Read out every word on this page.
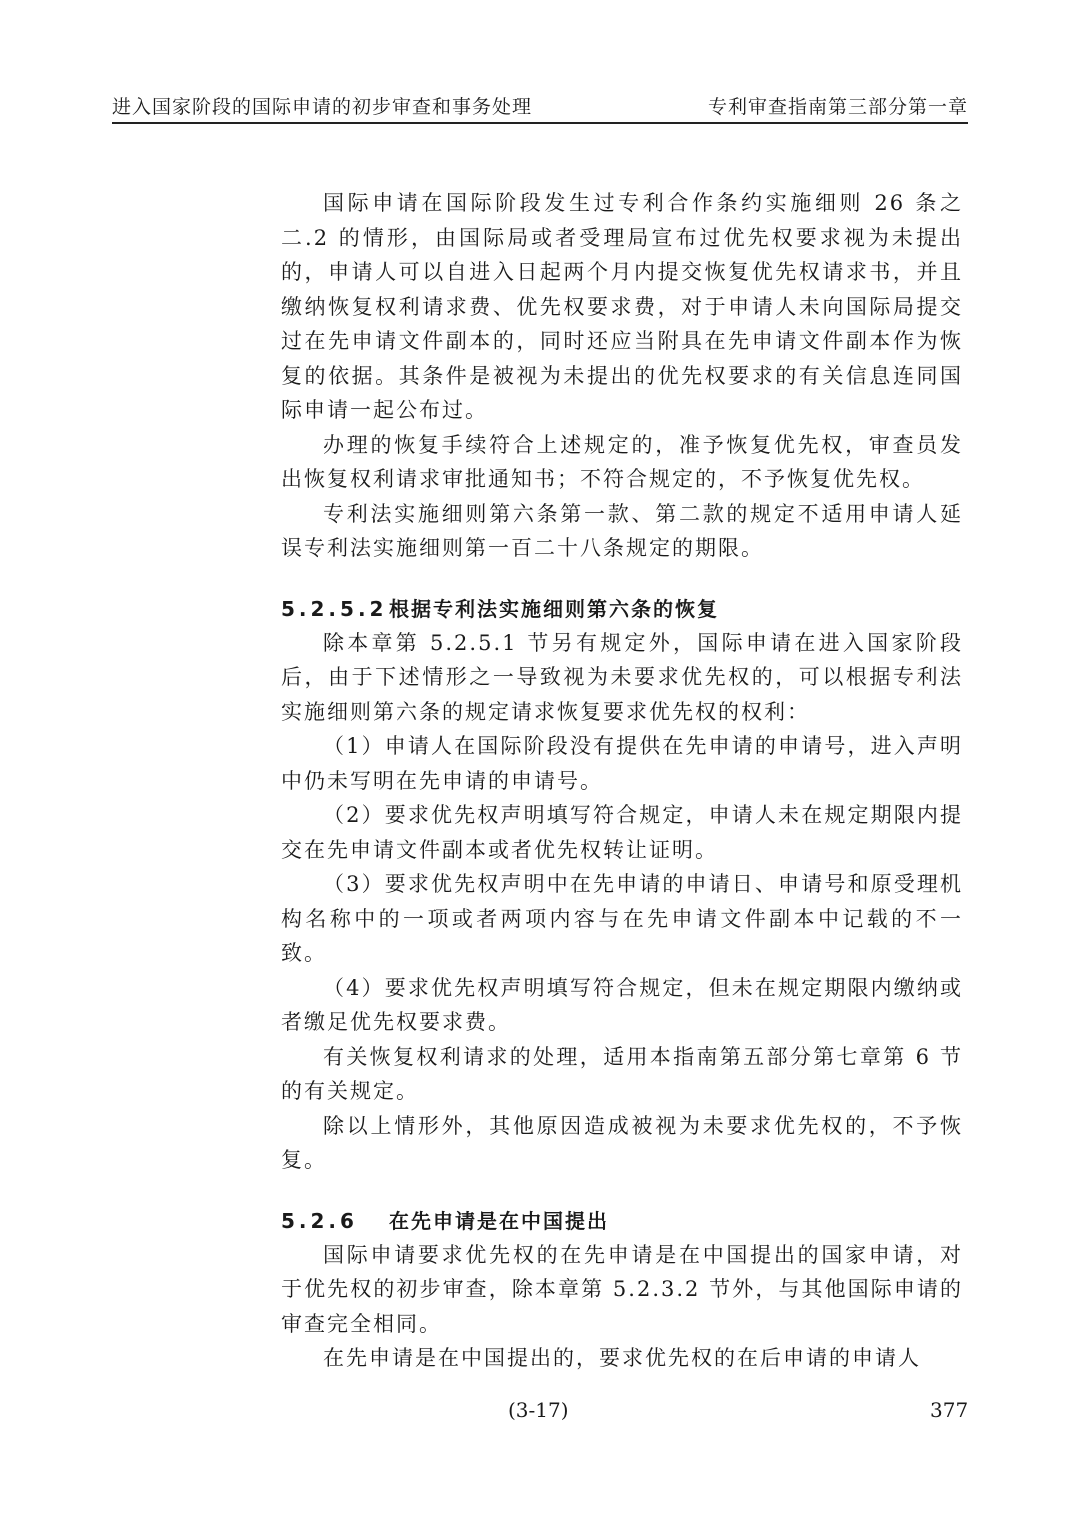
进入国家阶段的国际申请的初步审查和事务处理	专利审查指南第三部分第一章

国际申请在国际阶段发生过专利合作条约实施细则 26 条之二.2 的情形，由国际局或者受理局宣布过优先权要求视为未提出的，申请人可以自进入日起两个月内提交恢复优先权请求书，并且缴纳恢复权利请求费、优先权要求费，对于申请人未向国际局提交过在先申请文件副本的，同时还应当附具在先申请文件副本作为恢复的依据。其条件是被视为未提出的优先权要求的有关信息连同国际申请一起公布过。

办理的恢复手续符合上述规定的，准予恢复优先权，审查员发出恢复权利请求审批通知书；不符合规定的，不予恢复优先权。

专利法实施细则第六条第一款、第二款的规定不适用申请人延误专利法实施细则第一百二十八条规定的期限。

5.2.5.2根据专利法实施细则第六条的恢复

除本章第 5.2.5.1 节另有规定外，国际申请在进入国家阶段后，由于下述情形之一导致视为未要求优先权的，可以根据专利法实施细则第六条的规定请求恢复要求优先权的权利：

（1）申请人在国际阶段没有提供在先申请的申请号，进入声明中仍未写明在先申请的申请号。

（2）要求优先权声明填写符合规定，申请人未在规定期限内提交在先申请文件副本或者优先权转让证明。

（3）要求优先权声明中在先申请的申请日、申请号和原受理机构名称中的一项或者两项内容与在先申请文件副本中记载的不一致。

（4）要求优先权声明填写符合规定，但未在规定期限内缴纳或者缴足优先权要求费。

有关恢复权利请求的处理，适用本指南第五部分第七章第 6 节的有关规定。

除以上情形外，其他原因造成被视为未要求优先权的，不予恢复。

5.2.6 在先申请是在中国提出

国际申请要求优先权的在先申请是在中国提出的国家申请，对于优先权的初步审查，除本章第 5.2.3.2 节外，与其他国际申请的审查完全相同。

在先申请是在中国提出的，要求优先权的在后申请的申请人

(3-17)	377
